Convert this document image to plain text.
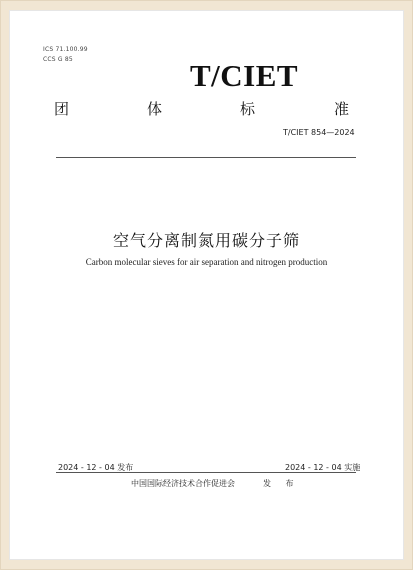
ICS 71.100.99
CCS G 85	T/CIET
团	体	标	准
T/CIET 854—2024
空气分离制氮用碳分子筛
Carbon molecular sieves for air separation and nitrogen production
2024 - 12 - 04 发布	2024 - 12 - 04 实施
中国国际经济技术合作促进会	发 布
